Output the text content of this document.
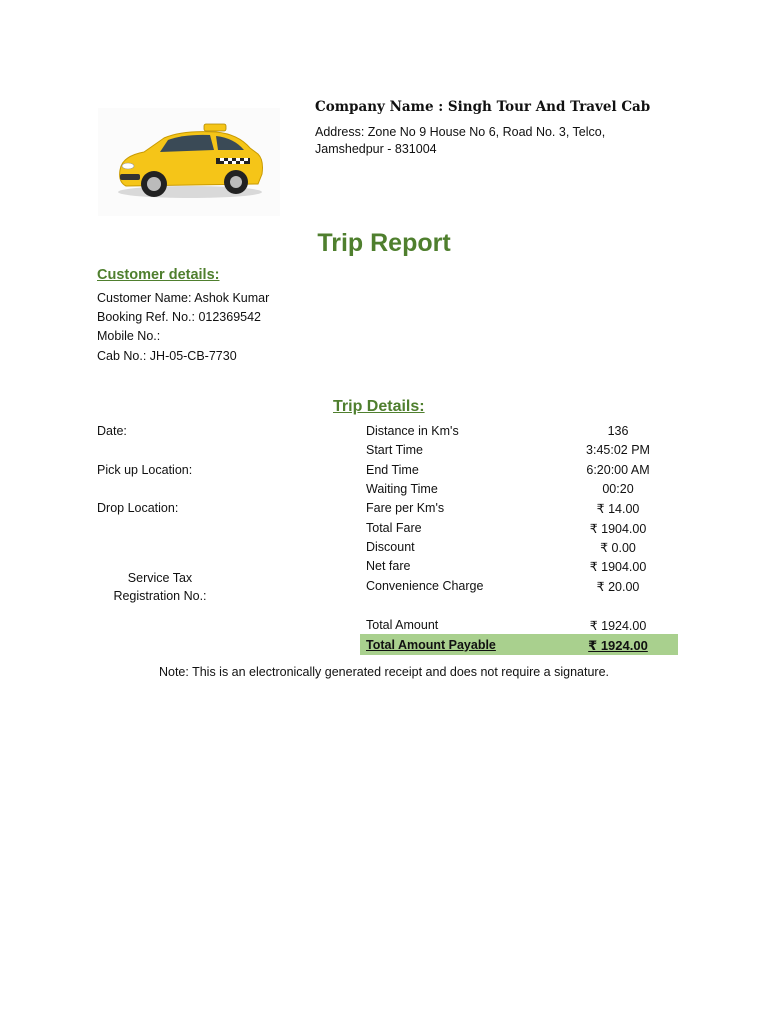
Company Name : Singh Tour And Travel Cab
Address: Zone No 9 House No 6, Road No. 3, Telco,
Jamshedpur - 831004
Trip Report
Customer details:
Customer Name: Ashok Kumar
Booking Ref. No.: 012369542
Mobile No.:
Cab No.: JH-05-CB-7730
Trip Details:
Date:
Pick up Location:
Drop Location:
Service Tax
Registration No.:
Distance in Km's	136
Start Time	3:45:02 PM
End Time	6:20:00 AM
Waiting Time	00:20
Fare per Km's	₹ 14.00
Total Fare	₹ 1904.00
Discount	₹ 0.00
Net fare	₹ 1904.00
Convenience Charge	₹ 20.00
Total Amount	₹ 1924.00
Total Amount Payable	₹ 1924.00
Note: This is an electronically generated receipt and does not require a signature.
